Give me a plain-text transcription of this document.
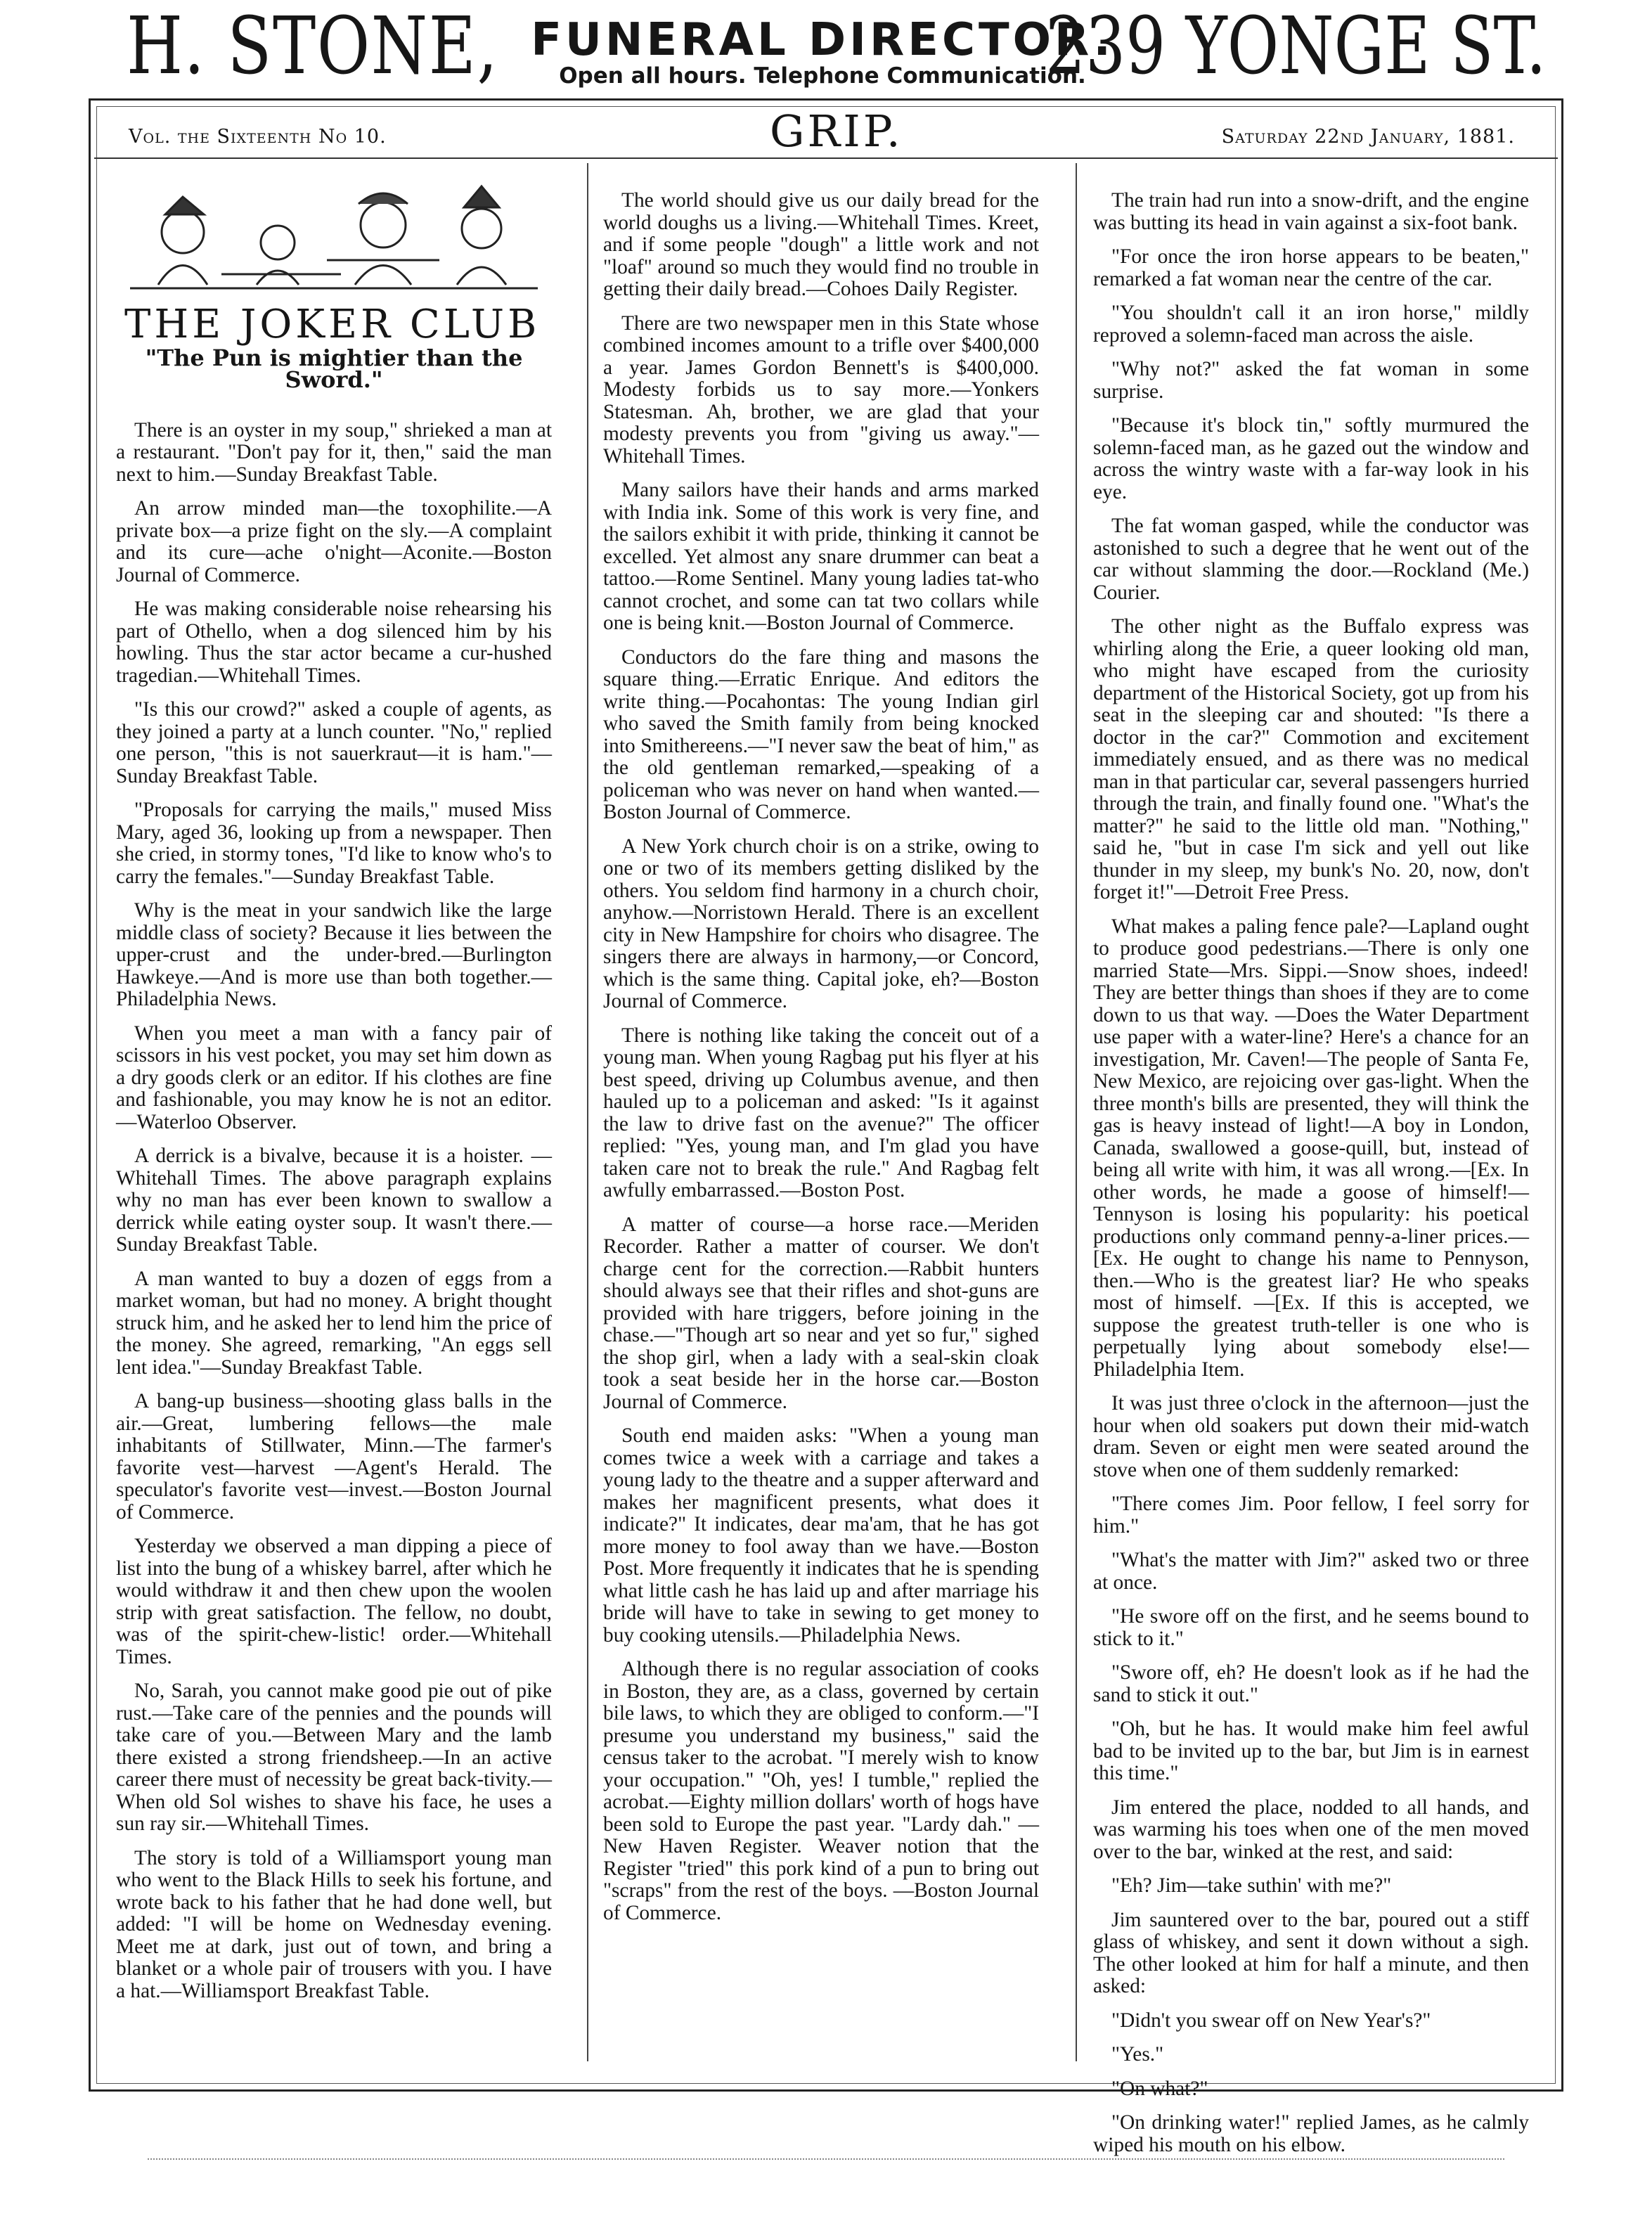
H. STONE, FUNERAL DIRECTOR.
Open all hours. Telephone Communication.
239 YONGE ST.
Vol. the Sixteenth No 10.	GRIP.	Saturday 22nd January, 1881.
THE JOKER CLUB
"The Pun is mightier than the Sword."

There is an oyster in my soup," shrieked a man at a restaurant. "Don't pay for it, then," said the man next to him.—Sunday Breakfast Table.

An arrow minded man—the toxophilite.—A private box—a prize fight on the sly.—A complaint and its cure—ache o'night—Aconite.—Boston Journal of Commerce.

He was making considerable noise rehearsing his part of Othello, when a dog silenced him by his howling. Thus the star actor became a cur-hushed tragedian.—Whitehall Times.

"Is this our crowd?" asked a couple of agents, as they joined a party at a lunch counter. "No," replied one person, "this is not sauerkraut—it is ham."—Sunday Breakfast Table.

"Proposals for carrying the mails," mused Miss Mary, aged 36, looking up from a newspaper. Then she cried, in stormy tones, "I'd like to know who's to carry the females."—Sunday Breakfast Table.

Why is the meat in your sandwich like the large middle class of society? Because it lies between the upper-crust and the under-bred.—Burlington Hawkeye.—And is more use than both together.—Philadelphia News.

When you meet a man with a fancy pair of scissors in his vest pocket, you may set him down as a dry goods clerk or an editor. If his clothes are fine and fashionable, you may know he is not an editor.—Waterloo Observer.

A derrick is a bivalve, because it is a hoister. —Whitehall Times. The above paragraph explains why no man has ever been known to swallow a derrick while eating oyster soup. It wasn't there.—Sunday Breakfast Table.

A man wanted to buy a dozen of eggs from a market woman, but had no money. A bright thought struck him, and he asked her to lend him the price of the money. She agreed, remarking, "An eggs sell lent idea."—Sunday Breakfast Table.

A bang-up business—shooting glass balls in the air.—Great, lumbering fellows—the male inhabitants of Stillwater, Minn.—The farmer's favorite vest—harvest —Agent's Herald. The speculator's favorite vest—invest.—Boston Journal of Commerce.

Yesterday we observed a man dipping a piece of list into the bung of a whiskey barrel, after which he would withdraw it and then chew upon the woolen strip with great satisfaction. The fellow, no doubt, was of the spirit-chew-listic! order.—Whitehall Times.

No, Sarah, you cannot make good pie out of pike rust.—Take care of the pennies and the pounds will take care of you.—Between Mary and the lamb there existed a strong friendsheep.—In an active career there must of necessity be great back-tivity.—When old Sol wishes to shave his face, he uses a sun ray sir.—Whitehall Times.

The story is told of a Williamsport young man who went to the Black Hills to seek his fortune, and wrote back to his father that he had done well, but added: "I will be home on Wednesday evening. Meet me at dark, just out of town, and bring a blanket or a whole pair of trousers with you. I have a hat.—Williamsport Breakfast Table.

The world should give us our daily bread for the world doughs us a living.—Whitehall Times. Kreet, and if some people "dough" a little work and not "loaf" around so much they would find no trouble in getting their daily bread.—Cohoes Daily Register.

There are two newspaper men in this State whose combined incomes amount to a trifle over $400,000 a year. James Gordon Bennett's is $400,000. Modesty forbids us to say more.—Yonkers Statesman. Ah, brother, we are glad that your modesty prevents you from "giving us away."—Whitehall Times.

Many sailors have their hands and arms marked with India ink. Some of this work is very fine, and the sailors exhibit it with pride, thinking it cannot be excelled. Yet almost any snare drummer can beat a tattoo.—Rome Sentinel. Many young ladies tat-who cannot crochet, and some can tat two collars while one is being knit.—Boston Journal of Commerce.

Conductors do the fare thing and masons the square thing.—Erratic Enrique. And editors the write thing.—Pocahontas: The young Indian girl who saved the Smith family from being knocked into Smithereens.—"I never saw the beat of him," as the old gentleman remarked,—speaking of a policeman who was never on hand when wanted.—Boston Journal of Commerce.

A New York church choir is on a strike, owing to one or two of its members getting disliked by the others. You seldom find harmony in a church choir, anyhow.—Norristown Herald. There is an excellent city in New Hampshire for choirs who disagree. The singers there are always in harmony,—or Concord, which is the same thing. Capital joke, eh?—Boston Journal of Commerce.

There is nothing like taking the conceit out of a young man. When young Ragbag put his flyer at his best speed, driving up Columbus avenue, and then hauled up to a policeman and asked: "Is it against the law to drive fast on the avenue?" The officer replied: "Yes, young man, and I'm glad you have taken care not to break the rule." And Ragbag felt awfully embarrassed.—Boston Post.

A matter of course—a horse race.—Meriden Recorder. Rather a matter of courser. We don't charge cent for the correction.—Rabbit hunters should always see that their rifles and shot-guns are provided with hare triggers, before joining in the chase.—"Though art so near and yet so fur," sighed the shop girl, when a lady with a seal-skin cloak took a seat beside her in the horse car.—Boston Journal of Commerce.

South end maiden asks: "When a young man comes twice a week with a carriage and takes a young lady to the theatre and a supper afterward and makes her magnificent presents, what does it indicate?" It indicates, dear ma'am, that he has got more money to fool away than we have.—Boston Post. More frequently it indicates that he is spending what little cash he has laid up and after marriage his bride will have to take in sewing to get money to buy cooking utensils.—Philadelphia News.

Although there is no regular association of cooks in Boston, they are, as a class, governed by certain bile laws, to which they are obliged to conform.—"I presume you understand my business," said the census taker to the acrobat. "I merely wish to know your occupation." "Oh, yes! I tumble," replied the acrobat.—Eighty million dollars' worth of hogs have been sold to Europe the past year. "Lardy dah." —New Haven Register. Weaver notion that the Register "tried" this pork kind of a pun to bring out "scraps" from the rest of the boys. —Boston Journal of Commerce.

The train had run into a snow-drift, and the engine was butting its head in vain against a six-foot bank.

"For once the iron horse appears to be beaten," remarked a fat woman near the centre of the car.

"You shouldn't call it an iron horse," mildly reproved a solemn-faced man across the aisle.

"Why not?" asked the fat woman in some surprise.

"Because it's block tin," softly murmured the solemn-faced man, as he gazed out the window and across the wintry waste with a far-way look in his eye.

The fat woman gasped, while the conductor was astonished to such a degree that he went out of the car without slamming the door.—Rockland (Me.) Courier.

The other night as the Buffalo express was whirling along the Erie, a queer looking old man, who might have escaped from the curiosity department of the Historical Society, got up from his seat in the sleeping car and shouted: "Is there a doctor in the car?" Commotion and excitement immediately ensued, and as there was no medical man in that particular car, several passengers hurried through the train, and finally found one. "What's the matter?" he said to the little old man. "Nothing," said he, "but in case I'm sick and yell out like thunder in my sleep, my bunk's No. 20, now, don't forget it!"—Detroit Free Press.

What makes a paling fence pale?—Lapland ought to produce good pedestrians.—There is only one married State—Mrs. Sippi.—Snow shoes, indeed! They are better things than shoes if they are to come down to us that way. —Does the Water Department use paper with a water-line? Here's a chance for an investigation, Mr. Caven!—The people of Santa Fe, New Mexico, are rejoicing over gas-light. When the three month's bills are presented, they will think the gas is heavy instead of light!—A boy in London, Canada, swallowed a goose-quill, but, instead of being all write with him, it was all wrong.—[Ex. In other words, he made a goose of himself!—Tennyson is losing his popularity: his poetical productions only command penny-a-liner prices.—[Ex. He ought to change his name to Pennyson, then.—Who is the greatest liar? He who speaks most of himself. —[Ex. If this is accepted, we suppose the greatest truth-teller is one who is perpetually lying about somebody else!—Philadelphia Item.

It was just three o'clock in the afternoon—just the hour when old soakers put down their mid-watch dram. Seven or eight men were seated around the stove when one of them suddenly remarked:

"There comes Jim. Poor fellow, I feel sorry for him."

"What's the matter with Jim?" asked two or three at once.

"He swore off on the first, and he seems bound to stick to it."

"Swore off, eh? He doesn't look as if he had the sand to stick it out."

"Oh, but he has. It would make him feel awful bad to be invited up to the bar, but Jim is in earnest this time."

Jim entered the place, nodded to all hands, and was warming his toes when one of the men moved over to the bar, winked at the rest, and said:

"Eh? Jim—take suthin' with me?"

Jim sauntered over to the bar, poured out a stiff glass of whiskey, and sent it down without a sigh. The other looked at him for half a minute, and then asked:

"Didn't you swear off on New Year's?"

"Yes."

"On what?"

"On drinking water!" replied James, as he calmly wiped his mouth on his elbow.
